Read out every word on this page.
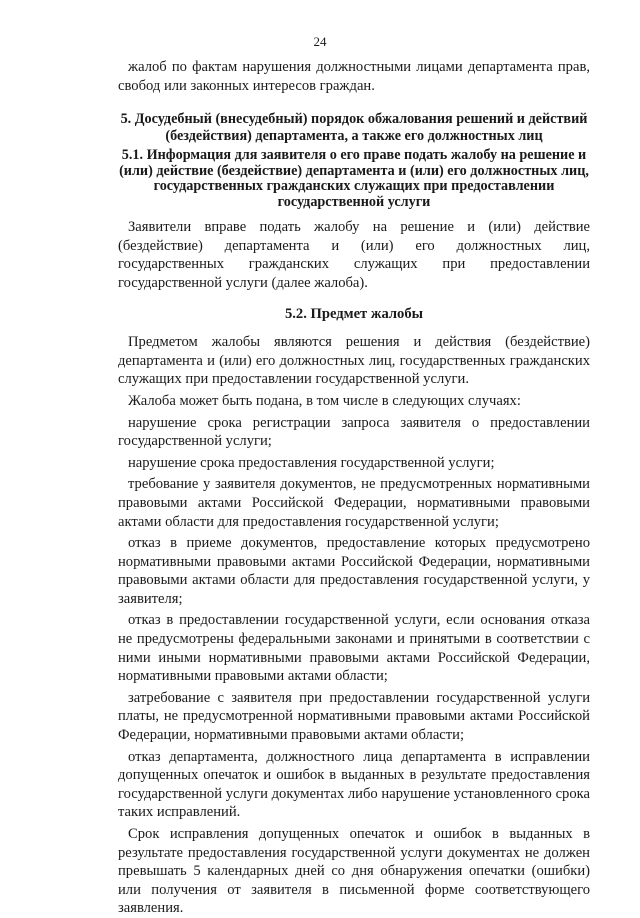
24

жалоб по фактам нарушения должностными лицами департамента прав, свобод или законных интересов граждан.

5. Досудебный (внесудебный) порядок обжалования решений и действий (бездействия) департамента, а также его должностных лиц
5.1. Информация для заявителя о его праве подать жалобу на решение и (или) действие (бездействие) департамента и (или) его должностных лиц, государственных гражданских служащих при предоставлении государственной услуги

Заявители вправе подать жалобу на решение и (или) действие (бездействие) департамента и (или) его должностных лиц, государственных гражданских служащих при предоставлении государственной услуги (далее жалоба).

5.2. Предмет жалобы

Предметом жалобы являются решения и действия (бездействие) департамента и (или) его должностных лиц, государственных гражданских служащих при предоставлении государственной услуги.

Жалоба может быть подана, в том числе в следующих случаях:

нарушение срока регистрации запроса заявителя о предоставлении государственной услуги;

нарушение срока предоставления государственной услуги;

требование у заявителя документов, не предусмотренных нормативными правовыми актами Российской Федерации, нормативными правовыми актами области для предоставления государственной услуги;

отказ в приеме документов, предоставление которых предусмотрено нормативными правовыми актами Российской Федерации, нормативными правовыми актами области для предоставления государственной услуги, у заявителя;

отказ в предоставлении государственной услуги, если основания отказа не предусмотрены федеральными законами и принятыми в соответствии с ними иными нормативными правовыми актами Российской Федерации, нормативными правовыми актами области;

затребование с заявителя при предоставлении государственной услуги платы, не предусмотренной нормативными правовыми актами Российской Федерации, нормативными правовыми актами области;

отказ департамента, должностного лица департамента в исправлении допущенных опечаток и ошибок в выданных в результате предоставления государственной услуги документах либо нарушение установленного срока таких исправлений.

Срок исправления допущенных опечаток и ошибок в выданных в результате предоставления государственной услуги документах не должен превышать 5 календарных дней со дня обнаружения опечатки (ошибки) или получения от заявителя в письменной форме соответствующего заявления.
